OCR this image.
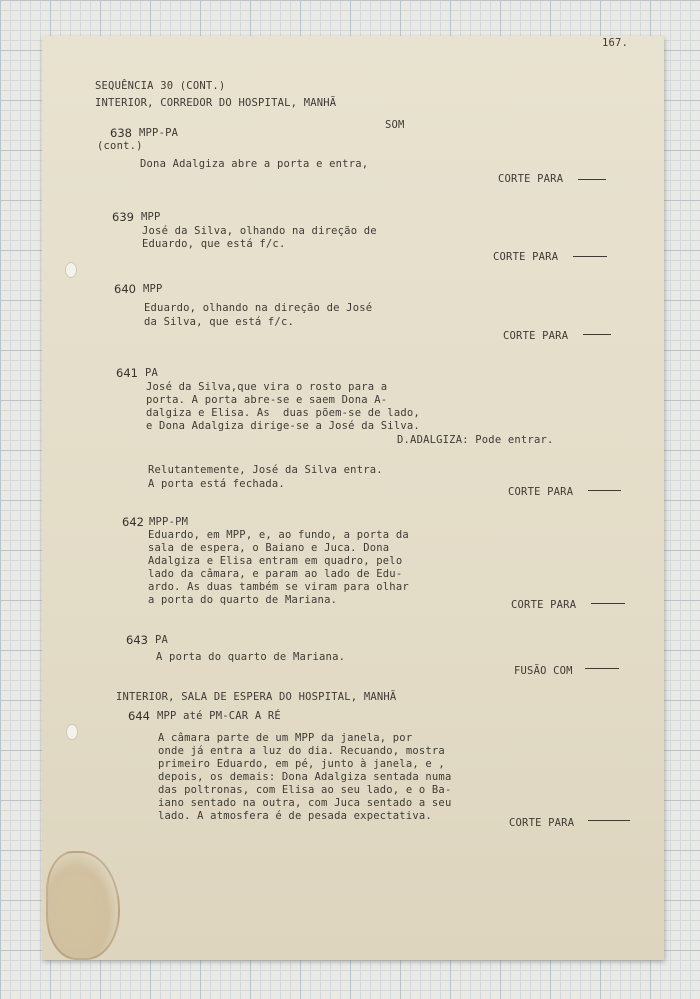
167.
SEQUÊNCIA 30 (CONT.)
INTERIOR, CORREDOR DO HOSPITAL, MANHÃ
638 MPP-PA
SOM
(cont.)
Dona Adalgiza abre a porta e entra,
CORTE PARA
639 MPP
José da Silva, olhando na direção de
Eduardo, que está f/c.
CORTE PARA
640 MPP
Eduardo, olhando na direção de José
da Silva, que está f/c.
CORTE PARA
641 PA
José da Silva,que vira o rosto para a
porta. A porta abre-se e saem Dona A-
dalgiza e Elisa. As  duas põem-se de lado,
e Dona Adalgiza dirige-se a José da Silva.
D.ADALGIZA: Pode entrar.
Relutantemente, José da Silva entra.
A porta está fechada.
CORTE PARA
642 MPP-PM
Eduardo, em MPP, e, ao fundo, a porta da
sala de espera, o Baiano e Juca. Dona
Adalgiza e Elisa entram em quadro, pelo
lado da câmara, e param ao lado de Edu-
ardo. As duas também se viram para olhar
a porta do quarto de Mariana.	CORTE PARA
643 PA
A porta do quarto de Mariana.
FUSÃO COM
INTERIOR, SALA DE ESPERA DO HOSPITAL, MANHÃ
644 MPP até PM-CAR A RÉ
A câmara parte de um MPP da janela, por
onde já entra a luz do dia. Recuando, mostra
primeiro Eduardo, em pé, junto à janela, e ,
depois, os demais: Dona Adalgiza sentada numa
das poltronas, com Elisa ao seu lado, e o Ba-
iano sentado na outra, com Juca sentado a seu
lado. A atmosfera é de pesada expectativa.
CORTE PARA
